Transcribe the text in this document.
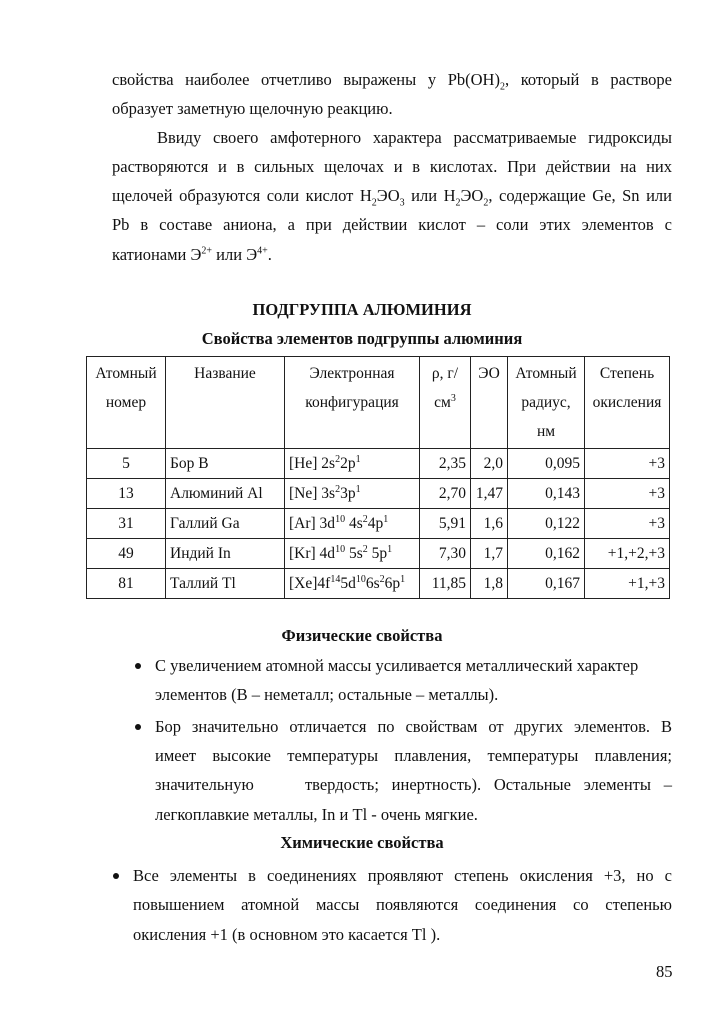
свойства наиболее отчетливо выражены у $Pb(OH)_2$, который в растворе
образует заметную щелочную реакцию.
Ввиду своего амфотерного характера рассматриваемые гидроксиды
растворяются и в сильных щелочах и в кислотах. При действии на них
щелочей образуются соли кислот $H_2ЭO_3$ или $H_2ЭO_2$, содержащие Ge, Sn или
Pb в составе аниона, а при действии кислот – соли этих элементов с
катионами $Э^{2+}$ или $Э^{4+}$.
ПОДГРУППА АЛЮМИНИЯ
Свойства элементов подгруппы алюминия
Атомный номер	Название	Электронная конфигурация	ρ, $г/см^3$	ЭО	Атомный радиус, нм	Степень окисления
5	Бор B	[He] $2s^22p^1$	2,35	2,0	0,095	+3
13	Алюминий Al	[Ne] $3s^23p^1$	2,70	1,47	0,143	+3
31	Галлий Ga	[Ar] $3d^{10}$ $4s^24p^1$	5,91	1,6	0,122	+3
49	Индий In	[Kr] $4d^{10}$ $5s^2$ $5p^1$	7,30	1,7	0,162	+1,+2,+3
81	Таллий Tl	$[Xe]4f^{14}5d^{10}6s^26p^1$	11,85	1,8	0,167	+1,+3
Физические свойства
С увеличением атомной массы усиливается металлический характер
элементов (B – неметалл; остальные – металлы).
Бор значительно отличается по свойствам от других элементов. B
имеет высокие температуры плавления, температуры плавления;
значительную    твердость; инертность). Остальные элементы –
легкоплавкие металлы, In и Tl - очень мягкие.
Химические свойства
Все элементы в соединениях проявляют степень окисления +3, но с
повышением атомной массы появляются соединения со степенью
окисления +1 (в основном это касается Tl ).
85
